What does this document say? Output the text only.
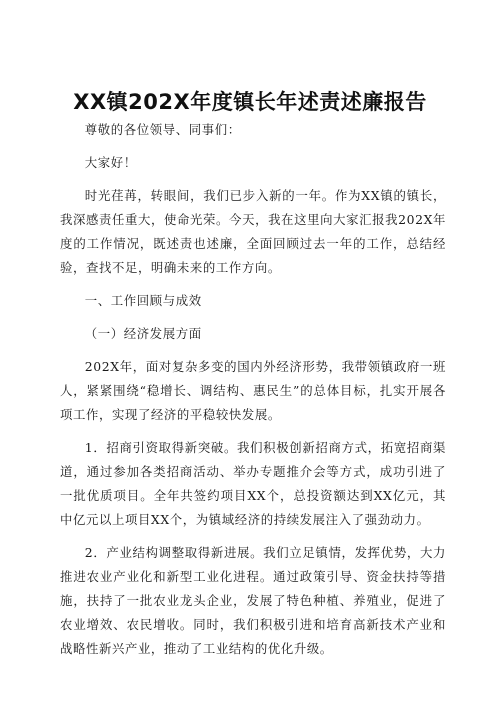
XX镇202X年度镇长年述责述廉报告

尊敬的各位领导、同事们：

大家好！

时光荏苒，转眼间，我们已步入新的一年。作为XX镇的镇长，我深感责任重大，使命光荣。今天，我在这里向大家汇报我202X年度的工作情况，既述责也述廉，全面回顾过去一年的工作，总结经验，查找不足，明确未来的工作方向。

一、工作回顾与成效

（一）经济发展方面

202X年，面对复杂多变的国内外经济形势，我带领镇政府一班人，紧紧围绕“稳增长、调结构、惠民生”的总体目标，扎实开展各项工作，实现了经济的平稳较快发展。

1．招商引资取得新突破。我们积极创新招商方式，拓宽招商渠道，通过参加各类招商活动、举办专题推介会等方式，成功引进了一批优质项目。全年共签约项目XX个，总投资额达到XX亿元，其中亿元以上项目XX个，为镇域经济的持续发展注入了强劲动力。

2．产业结构调整取得新进展。我们立足镇情，发挥优势，大力推进农业产业化和新型工业化进程。通过政策引导、资金扶持等措施，扶持了一批农业龙头企业，发展了特色种植、养殖业，促进了农业增效、农民增收。同时，我们积极引进和培育高新技术产业和战略性新兴产业，推动了工业结构的优化升级。
